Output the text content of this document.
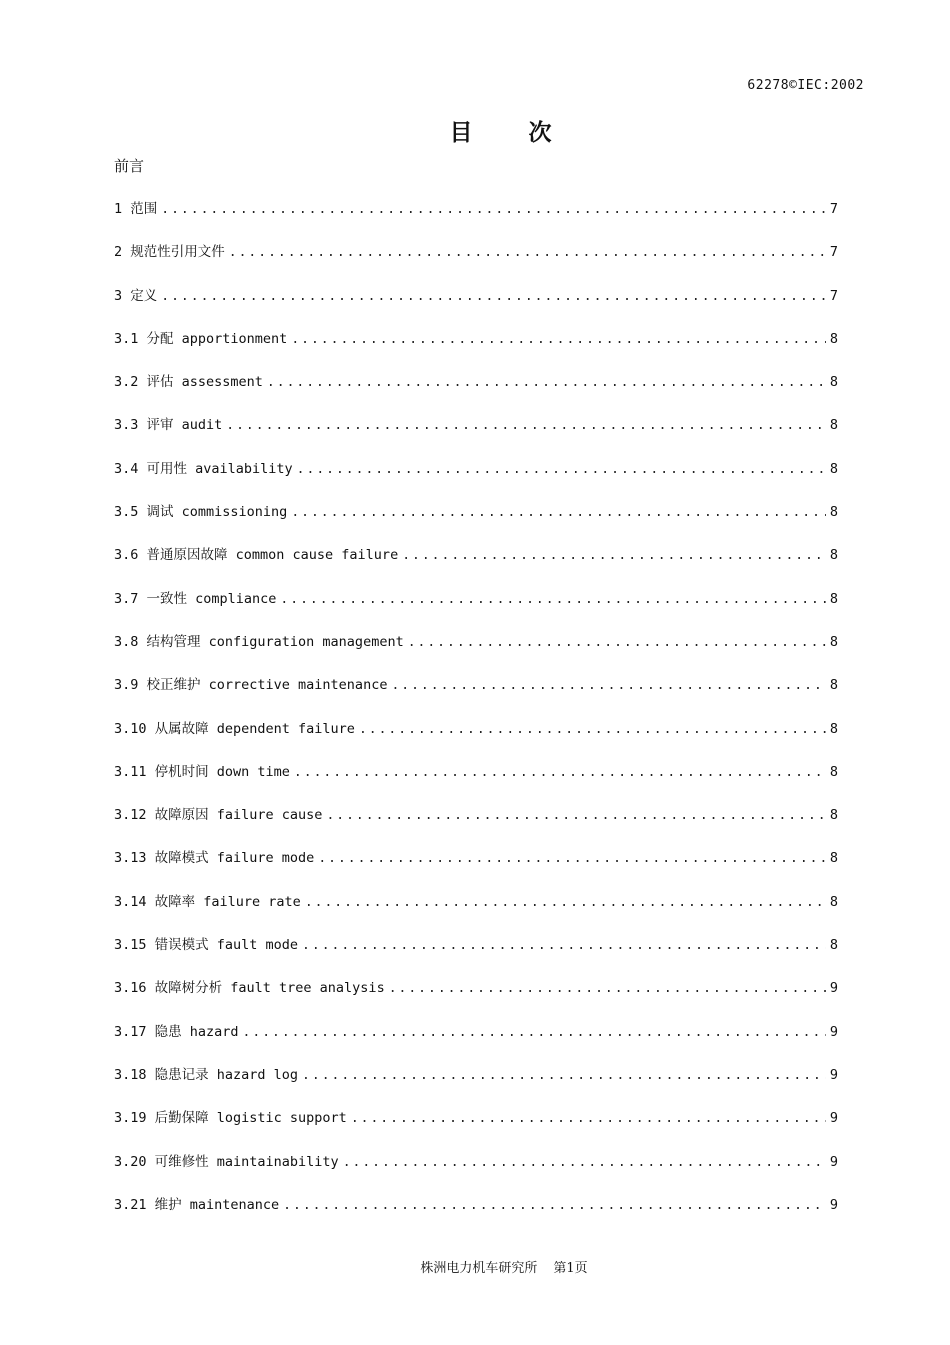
62278©IEC:2002
目 次
前言
1 范围 .....	7
2 规范性引用文件 .....	7
3 定义 .....	7
3.1 分配 apportionment .....	8
3.2 评估 assessment .....	8
3.3 评审 audit .....	8
3.4 可用性 availability .....	8
3.5 调试 commissioning .....	8
3.6 普通原因故障 common cause failure .....	8
3.7 一致性 compliance .....	8
3.8 结构管理 configuration management .....	8
3.9 校正维护 corrective maintenance .....	8
3.10 从属故障 dependent failure .....	8
3.11 停机时间 down time .....	8
3.12 故障原因 failure cause .....	8
3.13 故障模式 failure mode .....	8
3.14 故障率 failure rate .....	8
3.15 错误模式 fault mode .....	8
3.16 故障树分析 fault tree analysis .....	9
3.17 隐患 hazard .....	9
3.18 隐患记录 hazard log .....	9
3.19 后勤保障 logistic support .....	9
3.20 可维修性 maintainability .....	9
3.21 维护 maintenance .....	9
株洲电力机车研究所 第1页
